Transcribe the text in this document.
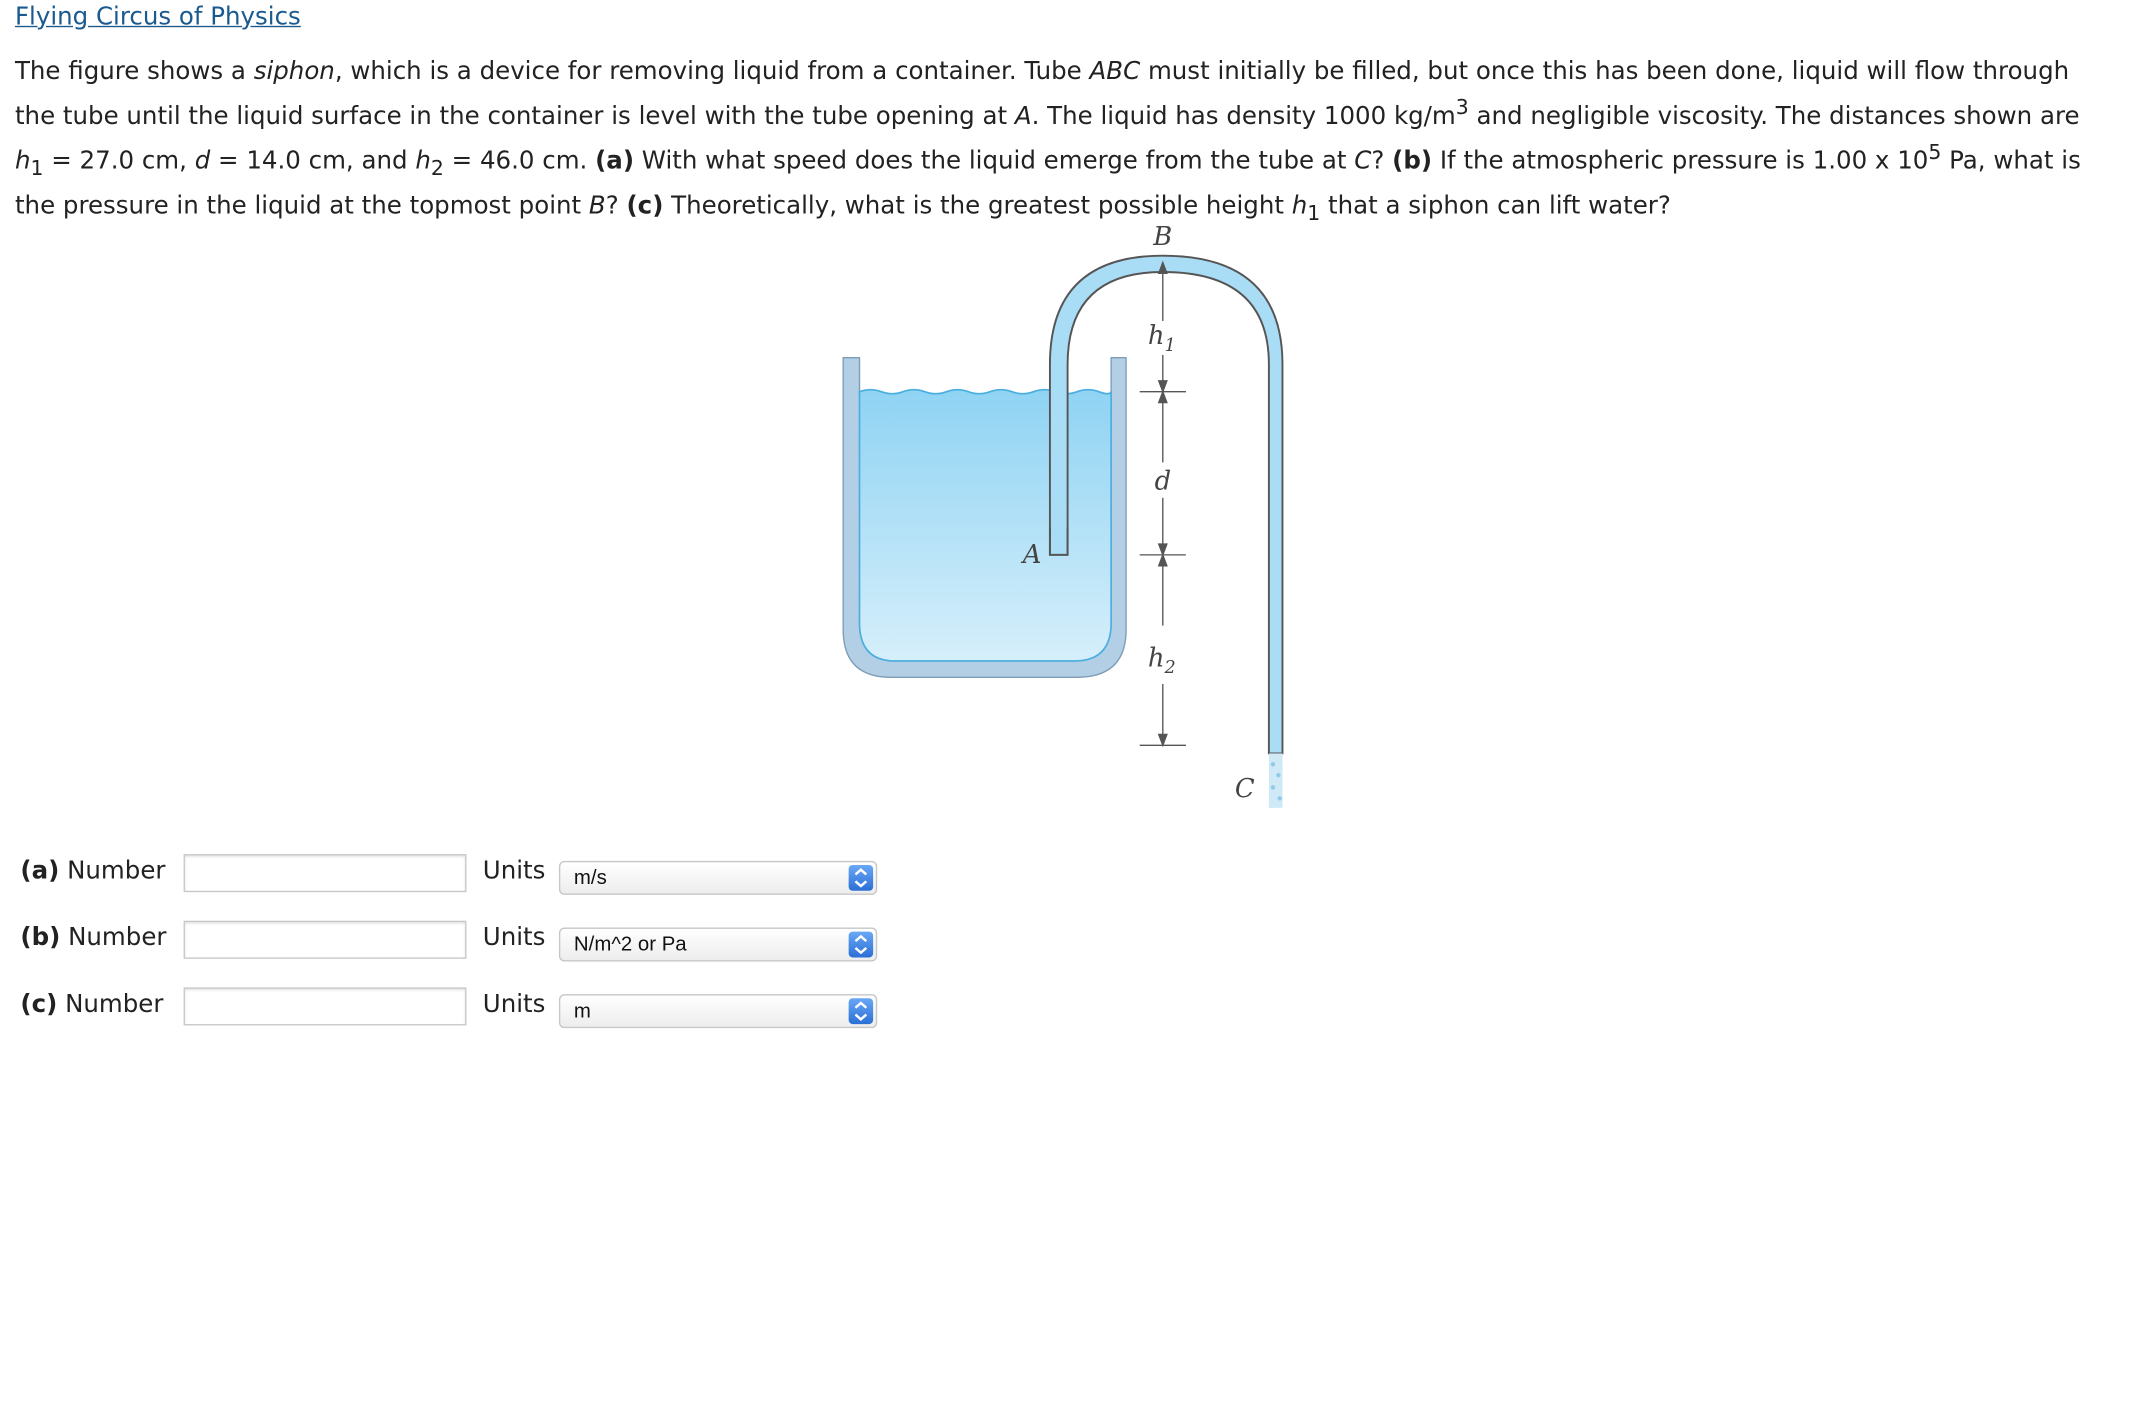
Flying Circus of Physics
The figure shows a siphon, which is a device for removing liquid from a container. Tube ABC must initially be filled, but once this has been done, liquid will flow through the tube until the liquid surface in the container is level with the tube opening at A. The liquid has density 1000 $kg/m^3$ and negligible viscosity. The distances shown are $h_1 = 27.0$ cm, d = 14.0 cm, and $h_2 = 46.0$ cm. (a) With what speed does the liquid emerge from the tube at C? (b) If the atmospheric pressure is 1.00 x $10^5$ Pa, what is the pressure in the liquid at the topmost point B? (c) Theoretically, what is the greatest possible height $h_1$ that a siphon can lift water?
B
$h_1$
d
A
$h_2$
C
(a) Number	Units m/s
(b) Number	Units N/m^2 or Pa
(c) Number	Units m
